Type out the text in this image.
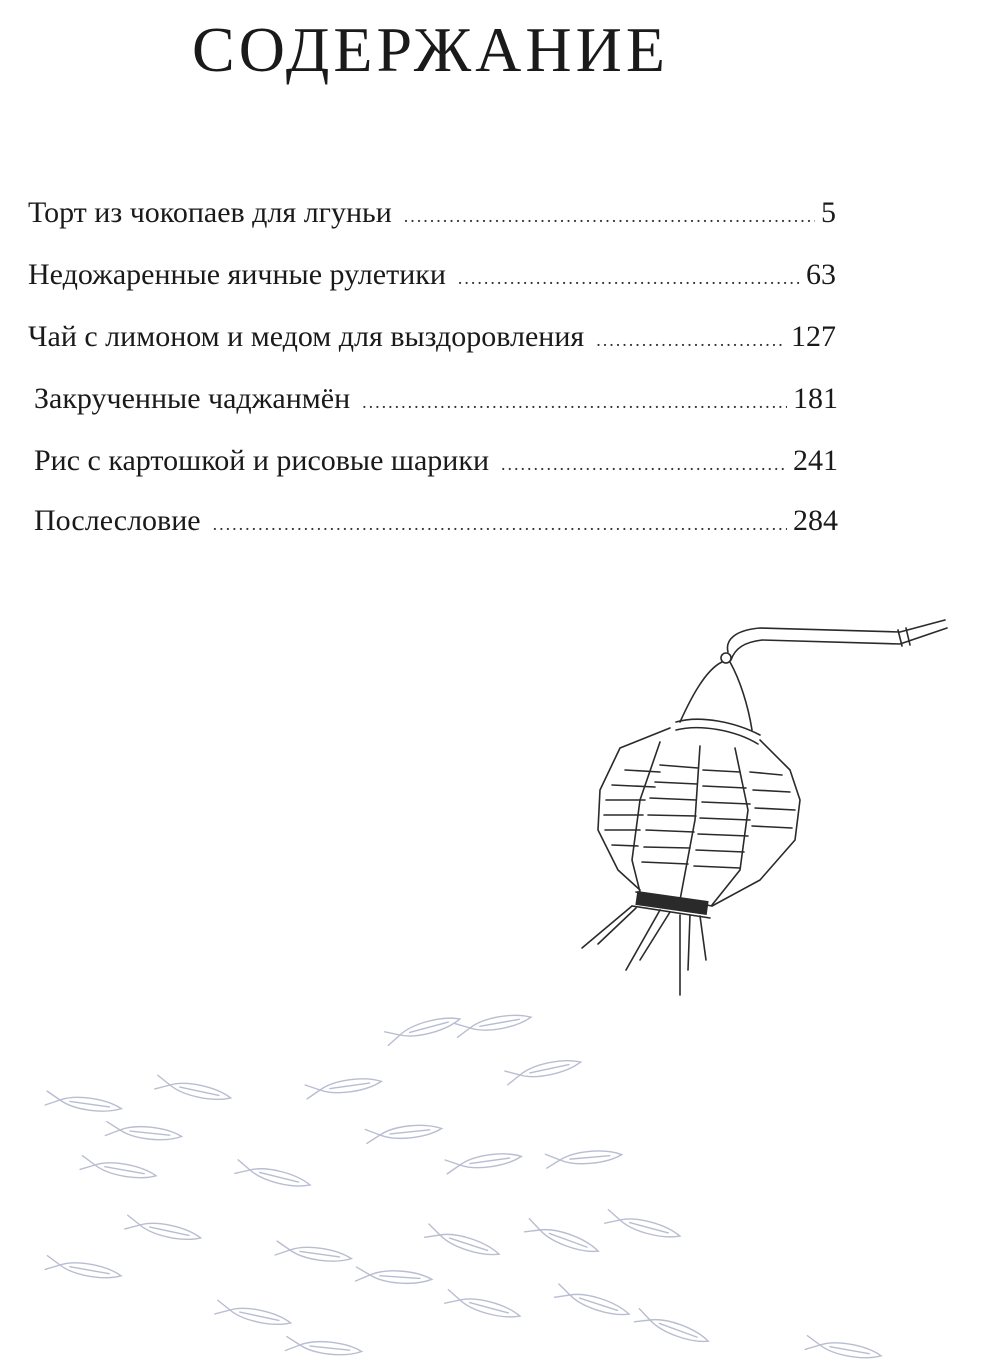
СОДЕРЖАНИЕ
Торт из чокопаев для лгуньи .....	5
Недожаренные яичные рулетики .....	63
Чай с лимоном и медом для выздоровления .....	127
Закрученные чаджанмён .....	181
Рис с картошкой и рисовые шарики .....	241
Послесловие .....	284
